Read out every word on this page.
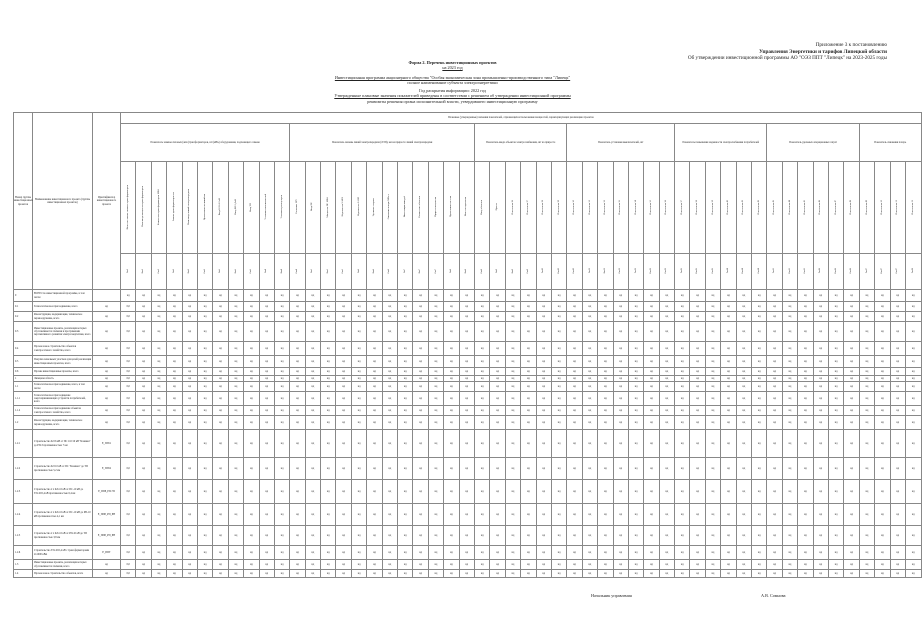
Приложение 3 к постановлению
Управления Энергетики и тарифов Липецкой области
Об утверждении инвестиционной программы АО "ОЭЗ ППТ "Липецк" на 2023-2025 годы
Форма 2. Перечень инвестиционных проектов
на 2023 год
Инвестиционная программа акционерного общества "Особая экономическая зона промышленно-производственного типа "Липецк"
полное наименование субъекта электроэнергетики
Год раскрытия информации: 2022 год
Утвержденные плановые значения показателей приведены в соответствии с решением об утверждении инвестиционной программы
реквизиты решения органа исполнительной власти, утвердившего инвестиционную программу
Номер группы инвестиционных проектов	Наименование инвестиционного проекта (группы инвестиционных проектов)	Идентификатор инвестиционного проекта	Плановые (утвержденные) значения показателей, отражающих использование мощностей, характеризующих реализацию проектов																																																			
			Показатель замены силовых (авто)трансформаторов, шт (кВА) оборудования, подлежащего замене											Показатель замены линий электропередачи (ЛЭП), км на приросте линий электропередачи												Показатель ввода объектов электроснабжения, шт на приросте						Показатель установки выключателей, шт							Показатель повышения надежности электроснабжения потребителей						Показатель удельных операционных затрат						Показатель снижения потерь			
			Итого по замене силовых трансформаторов	План ввода мощности трансформаторов	Количество трансформаторов МВА	Замена трансформаторов шт	План ввода линий электропередачи	Протяженность линий км	Ввод КЛ 6-10 кВ	Ввод ВЛ 0,4 кВ	Ввод ТП	Установка выключателей	Установка реклоузеров	Установка ЗРУ	Ввод ПС	Мощность ПС МВА	Надежность SAIDI	Надежность SAIFI	Удельные затраты	Снижение потерь МВт·ч	Инвестиции млн руб	Количество объектов	Прирост мощности	Протяженность сети	Итого по проектам	Ввод объектов	Прочее	Показатель 26	Показатель 27	Показатель 28	Показатель 29	Показатель 30	Показатель 31	Показатель 32	Показатель 33	Показатель 34	Показатель 35	Показатель 36	Показатель 37	Показатель 38	Показатель 39	Показатель 40	Показатель 41	Показатель 42	Показатель 43	Показатель 44	Показатель 45	Показатель 46	Показатель 47	Показатель 48	Показатель 49	Показатель 50	Показатель 51	Показатель 52
			Гм1	Км1	Ом1	Гм2	Км2	Ом2	Гм3	Км3	Ом3	Гм4	Км4	Ом4	Гм5	Км5	Ом5	Гм6	Км6	Ом6	Гм7	Км7	Ом7	Гм8	Км8	Ом8	Гм9	Км9	Ом9	Гм10	Км10	Ом10	Гм11	Км11	Ом11	Гм12	Км12	Ом12	Гм13	Км13	Ом13	Гм14	Км14	Ом14	Гм15	Км15	Ом15	Гм16	Км16	Ом16	Гм17	Км17	Ом17	Гм18
0	ВСЕГО по инвестиционной программе, в том числе:		нд	нд	нд	нд	нд	нд	нд	нд	нд	нд	нд	нд	нд	нд	нд	нд	нд	нд	нд	нд	нд	нд	нд	нд	нд	нд	нд	нд	нд	нд	нд	нд	нд	нд	нд	нд	нд	нд	нд	нд	нд	нд	нд	нд	нд	нд	нд	нд	нд	нд	нд	нд
0.1	Технологическое присоединение, всего	нд	0,0	нд	нд	нд	нд	нд	нд	нд	нд	нд	нд	нд	нд	нд	нд	нд	нд	нд	нд	нд	нд	нд	нд	нд	нд	нд	нд	нд	нд	нд	нд	нд	нд	нд	нд	нд	нд	нд	нд	нд	нд	нд	нд	нд	нд	нд	нд	нд	нд	нд	нд	нд
0.2	Реконструкция, модернизация, техническое перевооружение, всего	нд	0,0	нд	нд	нд	нд	нд	нд	нд	нд	нд	нд	нд	нд	нд	нд	нд	нд	нд	нд	нд	нд	нд	нд	нд	нд	нд	нд	нд	нд	нд	нд	нд	нд	нд	нд	нд	нд	нд	нд	нд	нд	нд	нд	нд	нд	нд	нд	нд	нд	нд	нд	нд
0.3	Инвестиционные проекты, реализация которых обуславливается схемами и программами перспективного развития электроэнергетики, всего	нд	0,0	нд	нд	нд	нд	нд	нд	нд	нд	нд	нд	нд	нд	нд	нд	нд	нд	нд	нд	нд	нд	нд	нд	нд	нд	нд	нд	нд	нд	нд	нд	нд	нд	нд	нд	нд	нд	нд	нд	нд	нд	нд	нд	нд	нд	нд	нд	нд	нд	нд	нд	нд
0.4	Прочее новое строительство объектов электросетевого хозяйства, всего	нд	0,0	нд	нд	нд	нд	нд	нд	нд	нд	нд	нд	нд	нд	нд	нд	нд	нд	нд	нд	нд	нд	нд	нд	нд	нд	нд	нд	нд	нд	нд	нд	нд	нд	нд	нд	нд	нд	нд	нд	нд	нд	нд	нд	нд	нд	нд	нд	нд	нд	нд	нд	нд
0.5	Покупка земельных участков для целей реализации инвестиционных проектов, всего	нд	0,0	нд	нд	нд	нд	нд	нд	нд	нд	нд	нд	нд	нд	нд	нд	нд	нд	нд	нд	нд	нд	нд	нд	нд	нд	нд	нд	нд	нд	нд	нд	нд	нд	нд	нд	нд	нд	нд	нд	нд	нд	нд	нд	нд	нд	нд	нд	нд	нд	нд	нд	нд
0.6	Прочие инвестиционные проекты, всего	нд	0,0	нд	нд	нд	нд	нд	нд	нд	нд	нд	нд	нд	нд	нд	нд	нд	нд	нд	нд	нд	нд	нд	нд	нд	нд	нд	нд	нд	нд	нд	нд	нд	нд	нд	нд	нд	нд	нд	нд	нд	нд	нд	нд	нд	нд	нд	нд	нд	нд	нд	нд	нд
1	Липецкая область	нд	0,0	нд	нд	нд	нд	нд	нд	нд	нд	нд	нд	нд	нд	нд	нд	нд	нд	нд	нд	нд	нд	нд	нд	нд	нд	нд	нд	нд	нд	нд	нд	нд	нд	нд	нд	нд	нд	нд	нд	нд	нд	нд	нд	нд	нд	нд	нд	нд	нд	нд	нд	нд
1.1	Технологическое присоединение, всего, в том числе:	нд	0,0	нд	нд	нд	нд	нд	нд	нд	нд	нд	нд	нд	нд	нд	нд	нд	нд	нд	нд	нд	нд	нд	нд	нд	нд	нд	нд	нд	нд	нд	нд	нд	нд	нд	нд	нд	нд	нд	нд	нд	нд	нд	нд	нд	нд	нд	нд	нд	нд	нд	нд	нд
1.1.1	Технологическое присоединение энергопринимающих устройств потребителей, всего	нд	0,0	нд	нд	нд	нд	нд	нд	нд	нд	нд	нд	нд	нд	нд	нд	нд	нд	нд	нд	нд	нд	нд	нд	нд	нд	нд	нд	нд	нд	нд	нд	нд	нд	нд	нд	нд	нд	нд	нд	нд	нд	нд	нд	нд	нд	нд	нд	нд	нд	нд	нд	нд
1.1.2	Технологическое присоединение объектов электросетевого хозяйства, всего	нд	0,0	нд	нд	нд	нд	нд	нд	нд	нд	нд	нд	нд	нд	нд	нд	нд	нд	нд	нд	нд	нд	нд	нд	нд	нд	нд	нд	нд	нд	нд	нд	нд	нд	нд	нд	нд	нд	нд	нд	нд	нд	нд	нд	нд	нд	нд	нд	нд	нд	нд	нд	нд
1.2	Реконструкция, модернизация, техническое перевооружение, всего	нд	0,0	нд	нд	нд	нд	нд	нд	нд	нд	нд	нд	нд	нд	нд	нд	нд	нд	нд	нд	нд	нд	нд	нд	нд	нд	нд	нд	нд	нд	нд	нд	нд	нд	нд	нд	нд	нд	нд	нд	нд	нд	нд	нд	нд	нд	нд	нд	нд	нд	нд	нд	нд
1.2.1	Строительство КЛ 6 кВ от ПС 110/10 кВ "Казинка" до РП-3 протяженностью 7 км	Е_ППт1	0,0	нд	нд	нд	нд	нд	нд	нд	нд	нд	нд	нд	нд	нд	нд	нд	нд	нд	нд	нд	нд	нд	нд	нд	нд	нд	нд	нд	нд	нд	нд	нд	нд	нд	нд	нд	нд	нд	нд	нд	нд	нд	нд	нд	нд	нд	нд	нд	нд	нд	нд	нд
1.2.2	Строительство КЛ 10 кВ от ПС "Казинка" до ТП протяженностью 5,2 км	Е_ППт2	0,0	нд	нд	нд	нд	нд	нд	нд	нд	нд	нд	нд	нд	нд	нд	нд	нд	нд	нд	нд	нд	нд	нд	нд	нд	нд	нд	нд	нд	нд	нд	нд	нд	нд	нд	нд	нд	нд	нд	нд	нд	нд	нд	нд	нд	нд	нд	нд	нд	нд	нд	нд
1.2.3	Строительство 2 х КЛ-10 кВ от ПС-10 кВ до ТП-10/0,4 кВ протяженностью 6,4 км	Е_ПП8_РП-7П	0,0	нд	нд	нд	нд	нд	нд	нд	нд	нд	нд	нд	нд	нд	нд	нд	нд	нд	нд	нд	нд	нд	нд	нд	нд	нд	нд	нд	нд	нд	нд	нд	нд	нд	нд	нд	нд	нд	нд	нд	нд	нд	нд	нд	нд	нд	нд	нд	нд	нд	нд	нд
1.2.4	Строительство 2 х КЛ-10 кВ от ПС-10 кВ до РП-10 кВ протяженностью 4,1 км	Е_ПП8_РП_РН	0,0	нд	нд	нд	нд	нд	нд	нд	нд	нд	нд	нд	нд	нд	нд	нд	нд	нд	нд	нд	нд	нд	нд	нд	нд	нд	нд	нд	нд	нд	нд	нд	нд	нд	нд	нд	нд	нд	нд	нд	нд	нд	нд	нд	нд	нд	нд	нд	нд	нд	нд	нд
1.2.5	Строительство 2 х КЛ-10 кВ от РП-10 кВ до ТП протяженностью 3,8 км	Е_ПП8_РП_РН	0,0	нд	нд	нд	нд	нд	нд	нд	нд	нд	нд	нд	нд	нд	нд	нд	нд	нд	нд	нд	нд	нд	нд	нд	нд	нд	нд	нд	нд	нд	нд	нд	нд	нд	нд	нд	нд	нд	нд	нд	нд	нд	нд	нд	нд	нд	нд	нд	нд	нд	нд	нд
1.2.6	Строительство ТП-10/0,4 кВ с трансформаторами 2х1000 кВА	Е_ППТ	0,0	нд	нд	нд	нд	нд	нд	нд	нд	нд	нд	нд	нд	нд	нд	нд	нд	нд	нд	нд	нд	нд	нд	нд	нд	нд	нд	нд	нд	нд	нд	нд	нд	нд	нд	нд	нд	нд	нд	нд	нд	нд	нд	нд	нд	нд	нд	нд	нд	нд	нд	нд
1.3	Инвестиционные проекты, реализация которых обуславливается схемами, всего	нд	0,0	нд	нд	нд	нд	нд	нд	нд	нд	нд	нд	нд	нд	нд	нд	нд	нд	нд	нд	нд	нд	нд	нд	нд	нд	нд	нд	нд	нд	нд	нд	нд	нд	нд	нд	нд	нд	нд	нд	нд	нд	нд	нд	нд	нд	нд	нд	нд	нд	нд	нд	нд
1.4	Прочее новое строительство объектов, всего	нд	0,0	нд	нд	нд	нд	нд	нд	нд	нд	нд	нд	нд	нд	нд	нд	нд	нд	нд	нд	нд	нд	нд	нд	нд	нд	нд	нд	нд	нд	нд	нд	нд	нд	нд	нд	нд	нд	нд	нд	нд	нд	нд	нд	нд	нд	нд	нд	нд	нд	нд	нд	нд
Начальник управления	А.В. Сомнова
